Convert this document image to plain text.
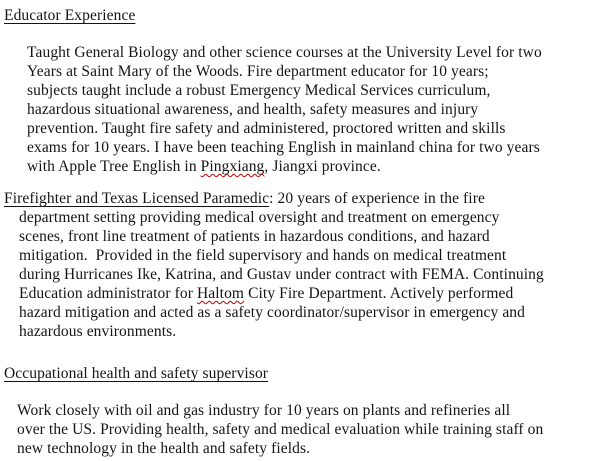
Educator Experience
Taught General Biology and other science courses at the University Level for two
Years at Saint Mary of the Woods. Fire department educator for 10 years;
subjects taught include a robust Emergency Medical Services curriculum,
hazardous situational awareness, and health, safety measures and injury
prevention. Taught fire safety and administered, proctored written and skills
exams for 10 years. I have been teaching English in mainland china for two years
with Apple Tree English in Pingxiang, Jiangxi province.
Firefighter and Texas Licensed Paramedic: 20 years of experience in the fire
department setting providing medical oversight and treatment on emergency
scenes, front line treatment of patients in hazardous conditions, and hazard
mitigation.  Provided in the field supervisory and hands on medical treatment
during Hurricanes Ike, Katrina, and Gustav under contract with FEMA. Continuing
Education administrator for Haltom City Fire Department. Actively performed
hazard mitigation and acted as a safety coordinator/supervisor in emergency and
hazardous environments.
Occupational health and safety supervisor
Work closely with oil and gas industry for 10 years on plants and refineries all
over the US. Providing health, safety and medical evaluation while training staff on
new technology in the health and safety fields.
